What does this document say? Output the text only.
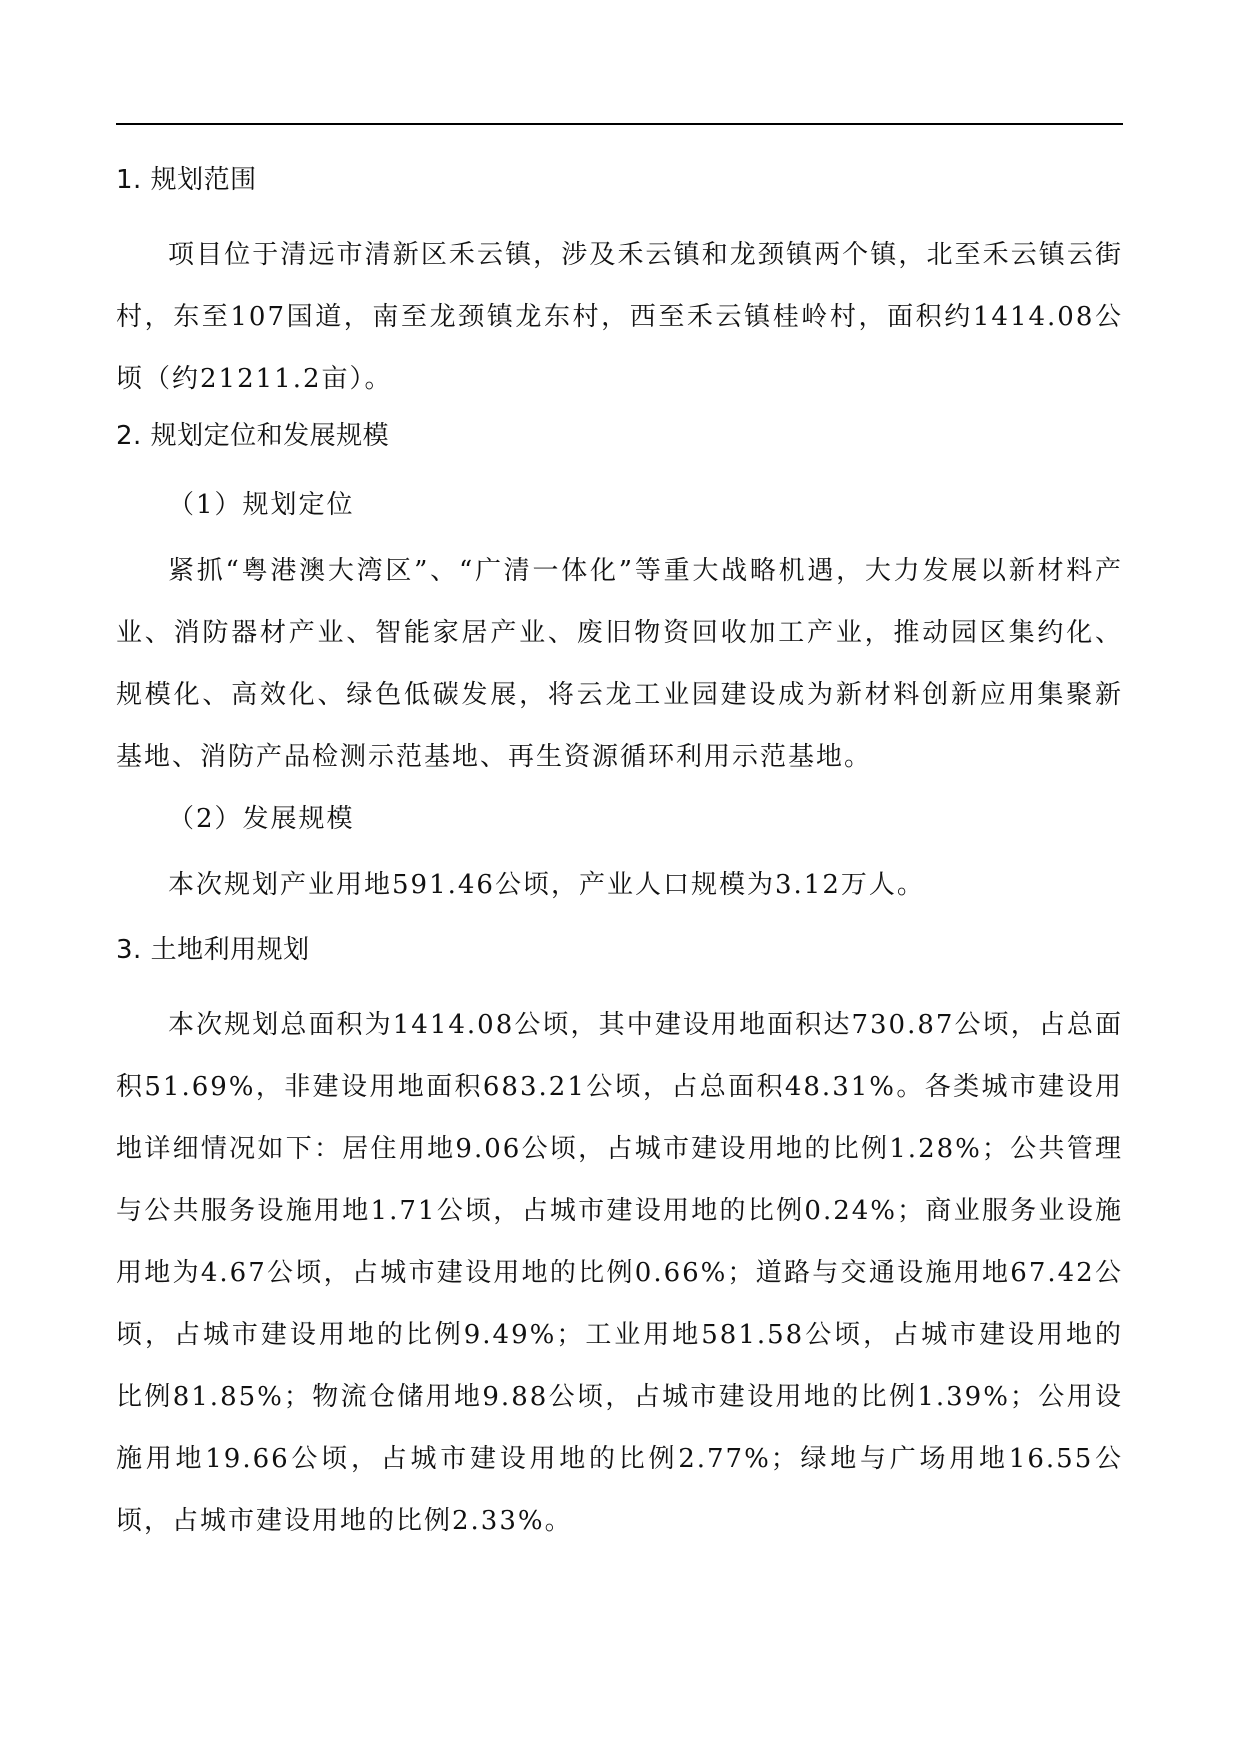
1. 规划范围

项目位于清远市清新区禾云镇，涉及禾云镇和龙颈镇两个镇，北至禾云镇云街村，东至107国道，南至龙颈镇龙东村，西至禾云镇桂岭村，面积约1414.08公顷（约21211.2亩）。

2. 规划定位和发展规模
（1）规划定位

紧抓“粤港澳大湾区”、“广清一体化”等重大战略机遇，大力发展以新材料产业、消防器材产业、智能家居产业、废旧物资回收加工产业，推动园区集约化、规模化、高效化、绿色低碳发展，将云龙工业园建设成为新材料创新应用集聚新基地、消防产品检测示范基地、再生资源循环利用示范基地。

（2）发展规模

本次规划产业用地591.46公顷，产业人口规模为3.12万人。

3. 土地利用规划

本次规划总面积为1414.08公顷，其中建设用地面积达730.87公顷，占总面积51.69%，非建设用地面积683.21公顷，占总面积48.31%。各类城市建设用地详细情况如下：居住用地9.06公顷，占城市建设用地的比例1.28%；公共管理与公共服务设施用地1.71公顷，占城市建设用地的比例0.24%；商业服务业设施用地为4.67公顷，占城市建设用地的比例0.66%；道路与交通设施用地67.42公顷，占城市建设用地的比例9.49%；工业用地581.58公顷，占城市建设用地的比例81.85%；物流仓储用地9.88公顷，占城市建设用地的比例1.39%；公用设施用地19.66公顷，占城市建设用地的比例2.77%；绿地与广场用地16.55公顷，占城市建设用地的比例2.33%。
